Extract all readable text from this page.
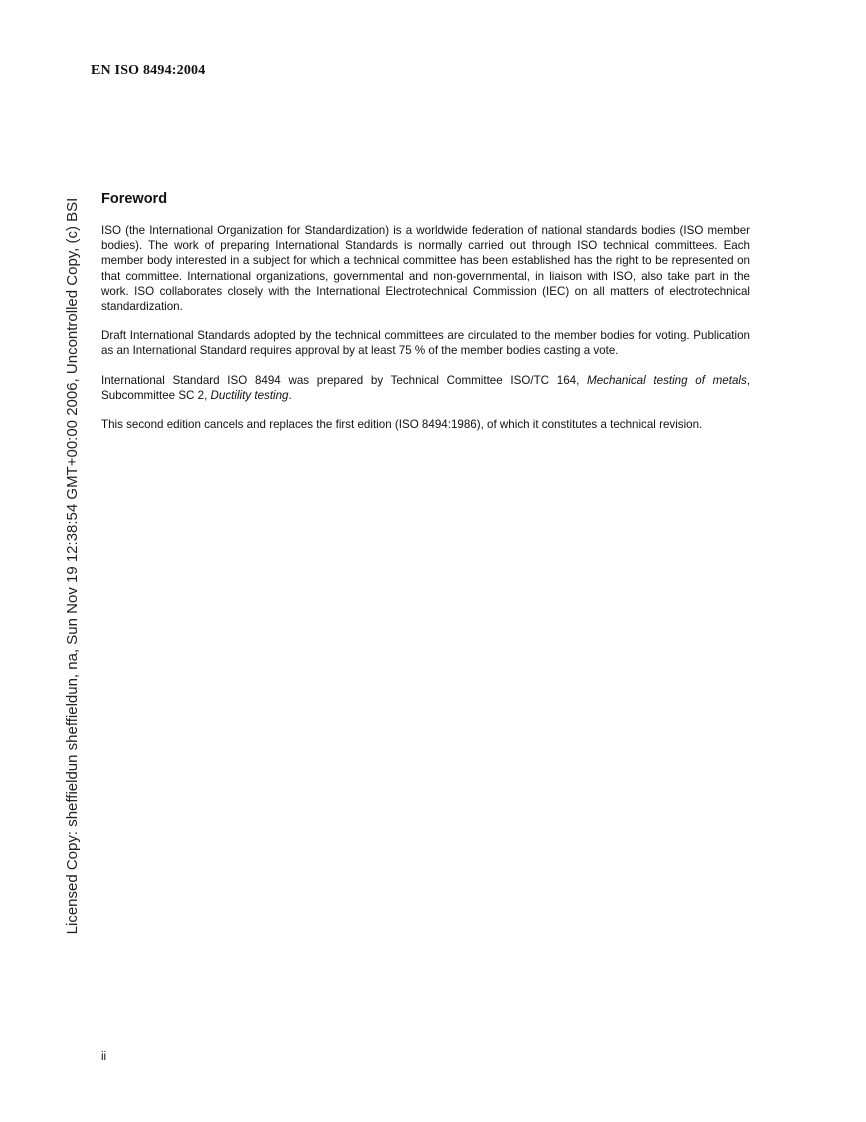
EN ISO 8494:2004
Licensed Copy: sheffieldun sheffieldun, na, Sun Nov 19 12:38:54 GMT+00:00 2006, Uncontrolled Copy, (c) BSI Foreword

ISO (the International Organization for Standardization) is a worldwide federation of national standards bodies (ISO member bodies). The work of preparing International Standards is normally carried out through ISO technical committees. Each member body interested in a subject for which a technical committee has been established has the right to be represented on that committee. International organizations, governmental and non-governmental, in liaison with ISO, also take part in the work. ISO collaborates closely with the International Electrotechnical Commission (IEC) on all matters of electrotechnical standardization.

Draft International Standards adopted by the technical committees are circulated to the member bodies for voting. Publication as an International Standard requires approval by at least 75 % of the member bodies casting a vote.

International Standard ISO 8494 was prepared by Technical Committee ISO/TC 164, Mechanical testing of metals, Subcommittee SC 2, Ductility testing.

This second edition cancels and replaces the first edition (ISO 8494:1986), of which it constitutes a technical revision.

ii
